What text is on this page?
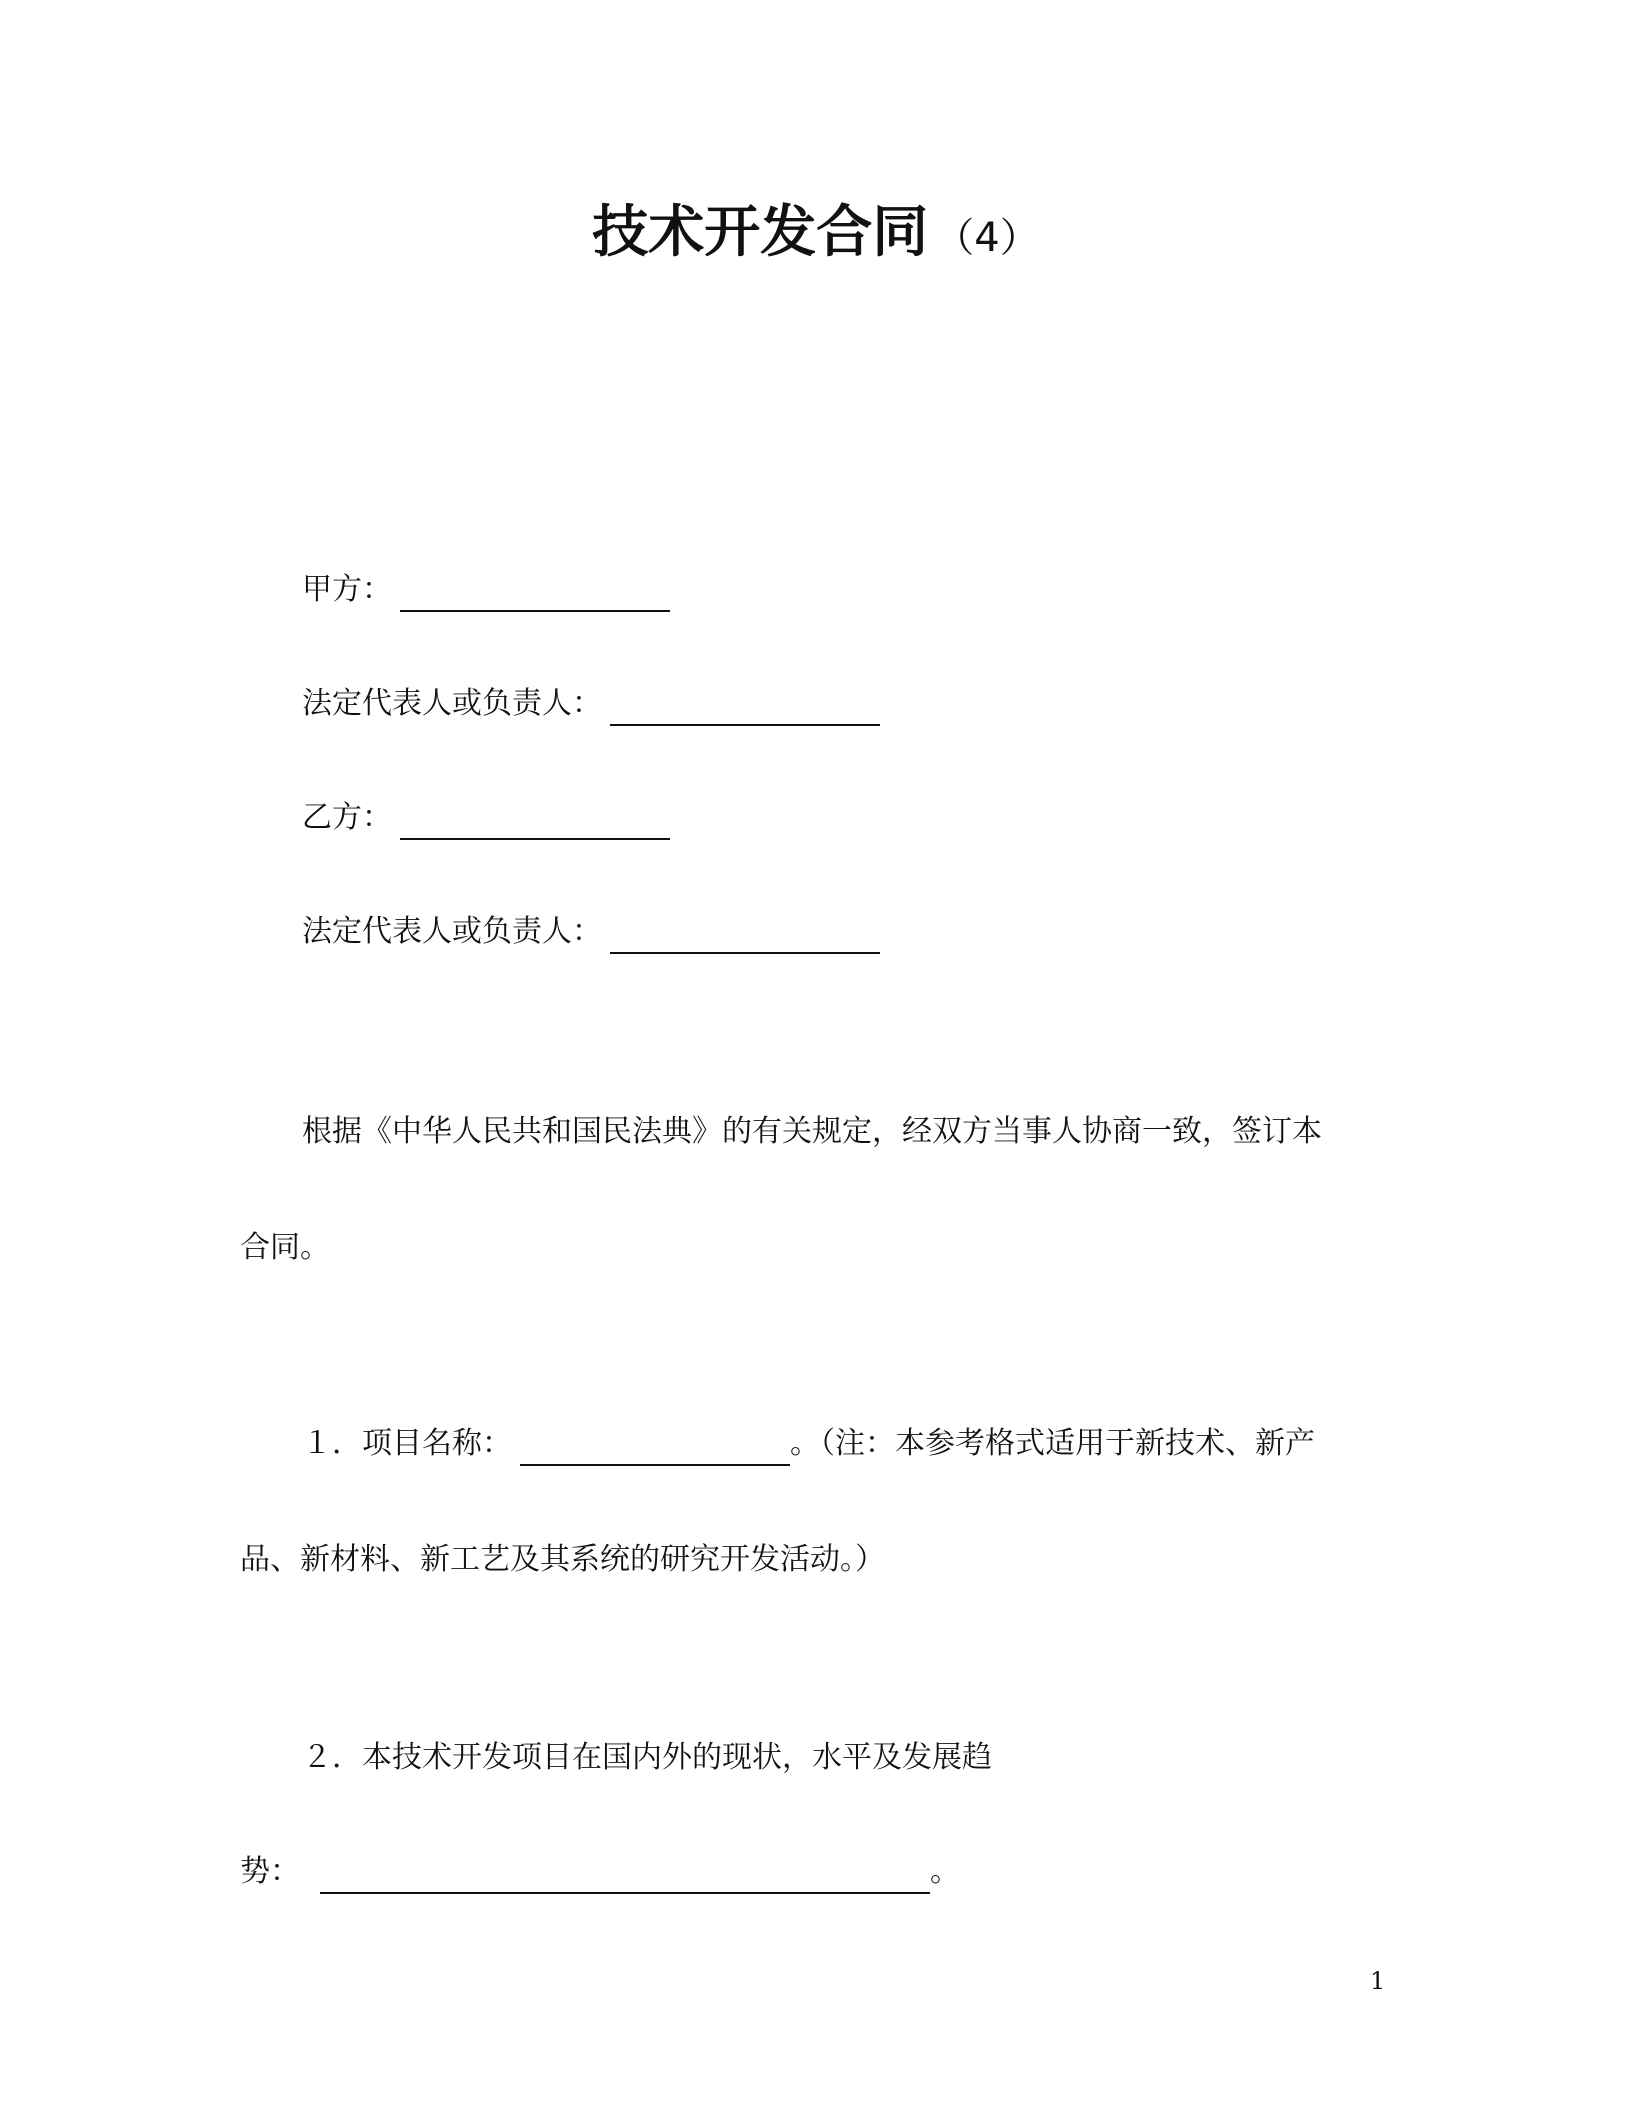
技术开发合同 （4）
甲方：
法定代表人或负责人：
乙方：
法定代表人或负责人：
根据《中华人民共和国民法典》的有关规定，经双方当事人协商一致，签订本
合同。
１．项目名称：	。（注：本参考格式适用于新技术、新产
品、新材料、新工艺及其系统的研究开发活动。）
２．本技术开发项目在国内外的现状，水平及发展趋
势：	。
1
